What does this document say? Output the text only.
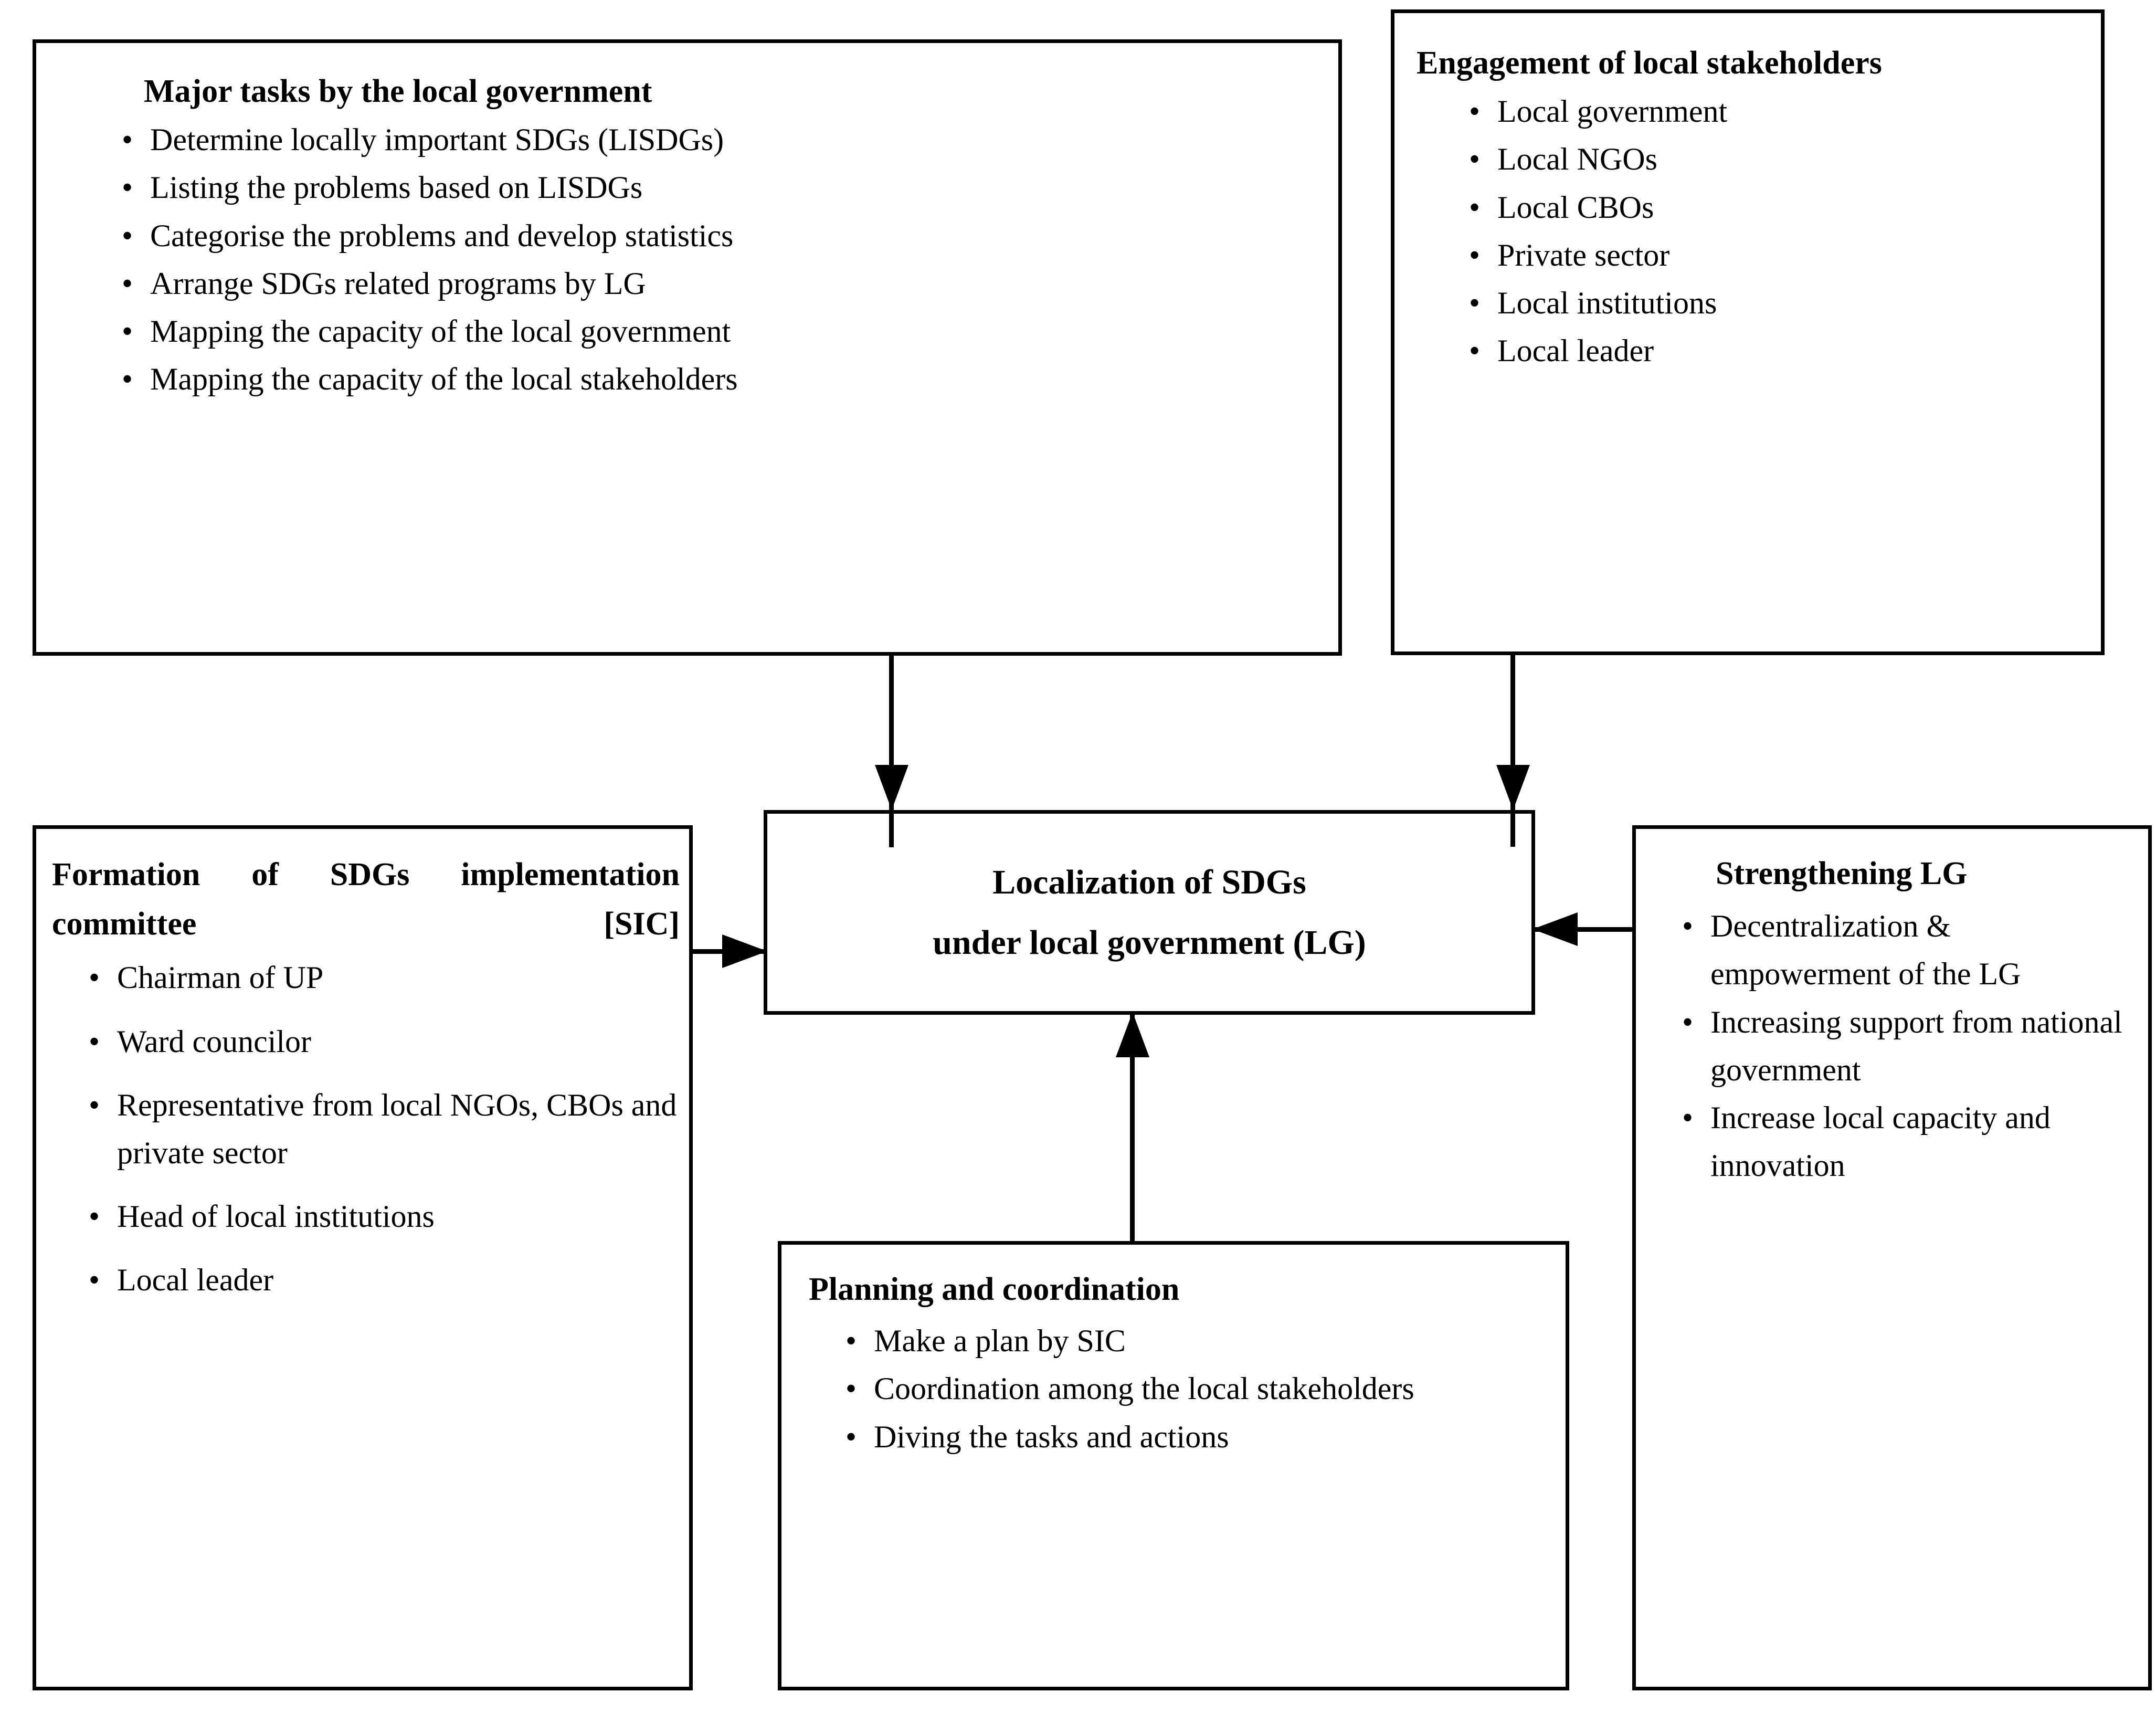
Major tasks by the local government

• Determine locally important SDGs (LISDGs)
• Listing the problems based on LISDGs
• Categorise the problems and develop statistics
• Arrange SDGs related programs by LG
• Mapping the capacity of the local government
• Mapping the capacity of the local stakeholders

Engagement of local stakeholders

• Local government
• Local NGOs
• Local CBOs
• Private sector
• Local institutions
• Local leader

Localization of SDGs

under local government (LG)

Formation of SDGs implementation committee [SIC]

• Chairman of UP
• Ward councilor
• Representative from local NGOs, CBOs and private sector
• Head of local institutions
• Local leader	Planning and coordination

• Make a plan by SIC
• Coordination among the local stakeholders
• Diving the tasks and actions

Strengthening LG

• Decentralization & empowerment of the LG
• Increasing support from national government
• Increase local capacity and innovation
